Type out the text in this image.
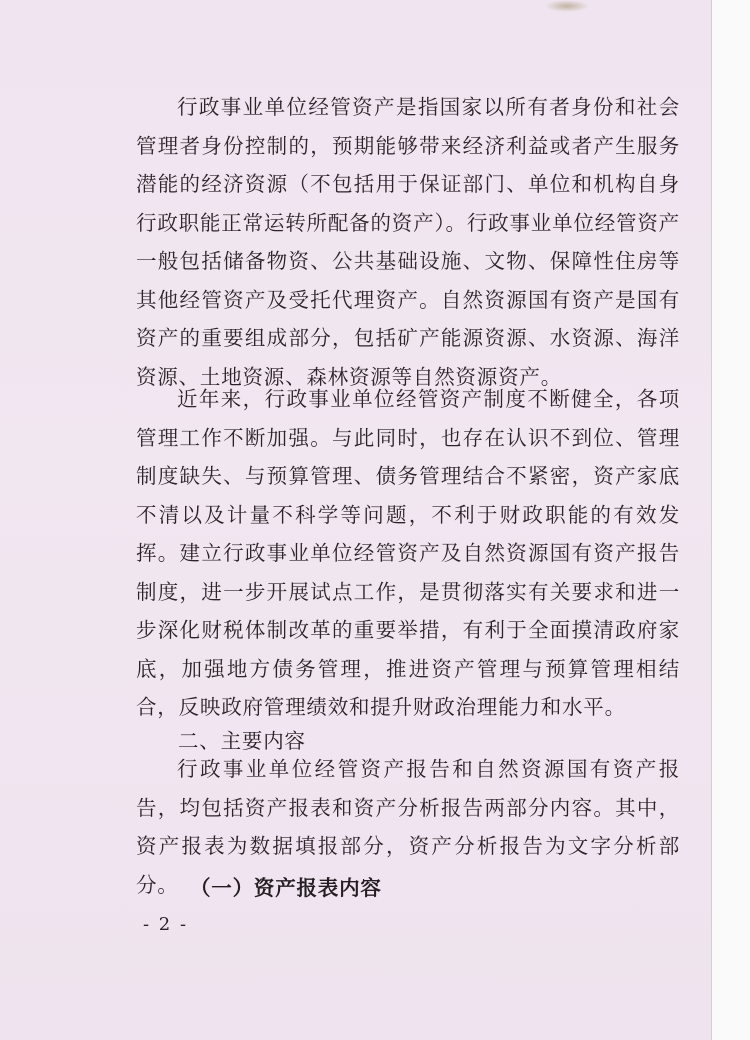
行政事业单位经管资产是指国家以所有者身份和社会管理者身份控制的，预期能够带来经济利益或者产生服务潜能的经济资源（不包括用于保证部门、单位和机构自身行政职能正常运转所配备的资产）。行政事业单位经管资产一般包括储备物资、公共基础设施、文物、保障性住房等其他经管资产及受托代理资产。自然资源国有资产是国有资产的重要组成部分，包括矿产能源资源、水资源、海洋资源、土地资源、森林资源等自然资源资产。

近年来，行政事业单位经管资产制度不断健全，各项管理工作不断加强。与此同时，也存在认识不到位、管理制度缺失、与预算管理、债务管理结合不紧密，资产家底不清以及计量不科学等问题，不利于财政职能的有效发挥。建立行政事业单位经管资产及自然资源国有资产报告制度，进一步开展试点工作，是贯彻落实有关要求和进一步深化财税体制改革的重要举措，有利于全面摸清政府家底，加强地方债务管理，推进资产管理与预算管理相结合，反映政府管理绩效和提升财政治理能力和水平。

二、主要内容

行政事业单位经管资产报告和自然资源国有资产报告，均包括资产报表和资产分析报告两部分内容。其中，资产报表为数据填报部分，资产分析报告为文字分析部分。 （一）资产报表内容
- 2 -
